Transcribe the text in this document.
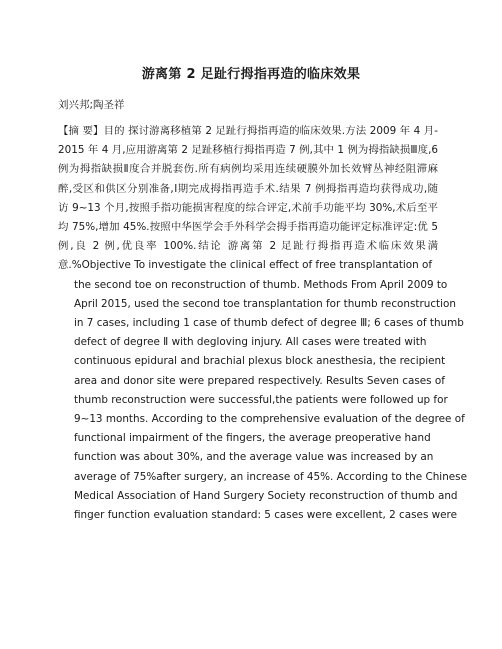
游离第 2 足趾行拇指再造的临床效果
刘兴邦;陶圣祥
【摘 要】目的 探讨游离移植第 2 足趾行拇指再造的临床效果.方法 2009 年 4 月-
2015 年 4 月,应用游离第 2 足趾移植行拇指再造 7 例,其中 1 例为拇指缺损Ⅲ度,6
例为拇指缺损Ⅱ度合并脱套伤.所有病例均采用连续硬膜外加长效臂丛神经阻滞麻
醉,受区和供区分别准备,Ⅰ期完成拇指再造手术.结果 7 例拇指再造均获得成功,随
访 9~13 个月,按照手指功能损害程度的综合评定,术前手功能平均 30%,术后至平
均 75%,增加 45%.按照中华医学会手外科学会拇手指再造功能评定标准评定:优 5
例,良 2 例,优良率 100%.结论 游离第 2 足趾行拇指再造术临床效果满
意.%Objective To investigate the clinical effect of free transplantation of
the second toe on reconstruction of thumb. Methods From April 2009 to
April 2015, used the second toe transplantation for thumb reconstruction
in 7 cases, including 1 case of thumb defect of degree Ⅲ; 6 cases of thumb
defect of degree Ⅱ with degloving injury. All cases were treated with
continuous epidural and brachial plexus block anesthesia, the recipient
area and donor site were prepared respectively. Results Seven cases of
thumb reconstruction were successful,the patients were followed up for
9~13 months. According to the comprehensive evaluation of the degree of
functional impairment of the fingers, the average preoperative hand
function was about 30%, and the average value was increased by an
average of 75%after surgery, an increase of 45%. According to the Chinese
Medical Association of Hand Surgery Society reconstruction of thumb and
finger function evaluation standard: 5 cases were excellent, 2 cases were
